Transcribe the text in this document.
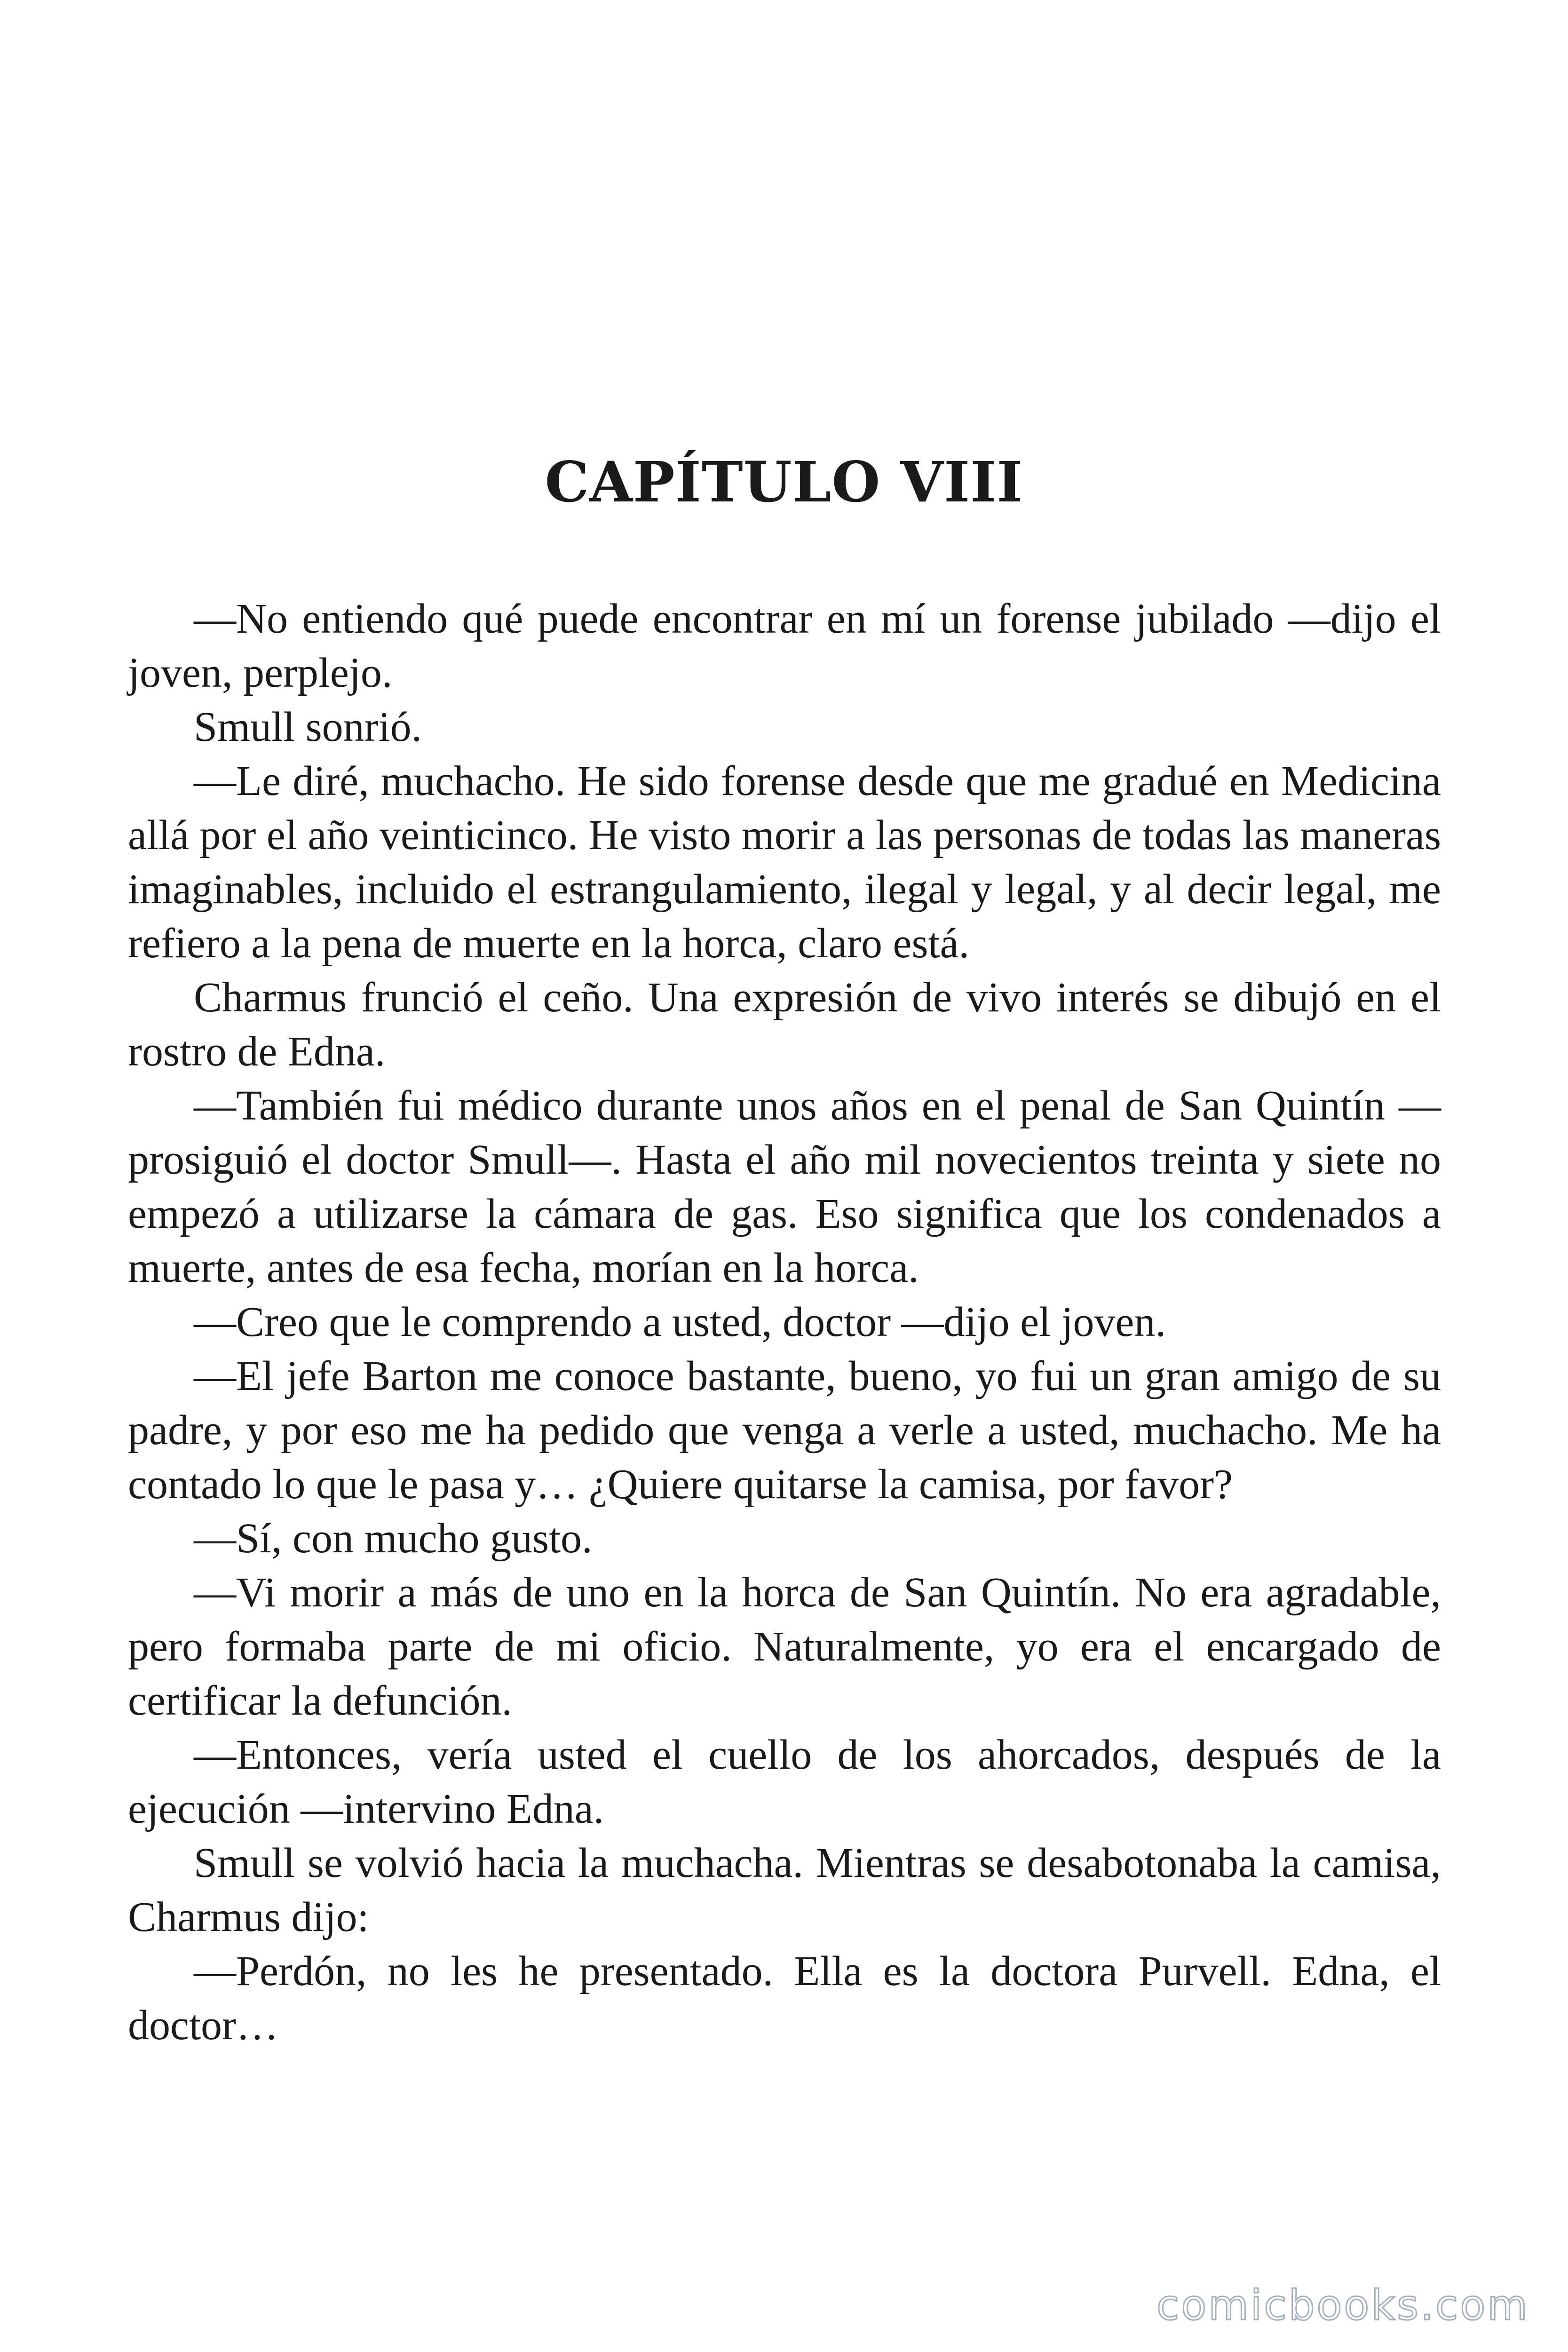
CAPÍTULO VIII

—No entiendo qué puede encontrar en mí un forense jubilado —dijo el joven, perplejo.

Smull sonrió.

—Le diré, muchacho. He sido forense desde que me gradué en Medicina allá por el año veinticinco. He visto morir a las personas de todas las maneras imaginables, incluido el estrangulamiento, ilegal y legal, y al decir legal, me refiero a la pena de muerte en la horca, claro está.

Charmus frunció el ceño. Una expresión de vivo interés se dibujó en el rostro de Edna.

—También fui médico durante unos años en el penal de San Quintín —prosiguió el doctor Smull—. Hasta el año mil novecientos treinta y siete no empezó a utilizarse la cámara de gas. Eso significa que los condenados a muerte, antes de esa fecha, morían en la horca.

—Creo que le comprendo a usted, doctor —dijo el joven.

—El jefe Barton me conoce bastante, bueno, yo fui un gran amigo de su padre, y por eso me ha pedido que venga a verle a usted, muchacho. Me ha contado lo que le pasa y… ¿Quiere quitarse la camisa, por favor?

—Sí, con mucho gusto.

—Vi morir a más de uno en la horca de San Quintín. No era agradable, pero formaba parte de mi oficio. Naturalmente, yo era el encargado de certificar la defunción.

—Entonces, vería usted el cuello de los ahorcados, después de la ejecución —intervino Edna.

Smull se volvió hacia la muchacha. Mientras se desabotonaba la camisa, Charmus dijo:

—Perdón, no les he presentado. Ella es la doctora Purvell. Edna, el doctor…

comicbooks.com
